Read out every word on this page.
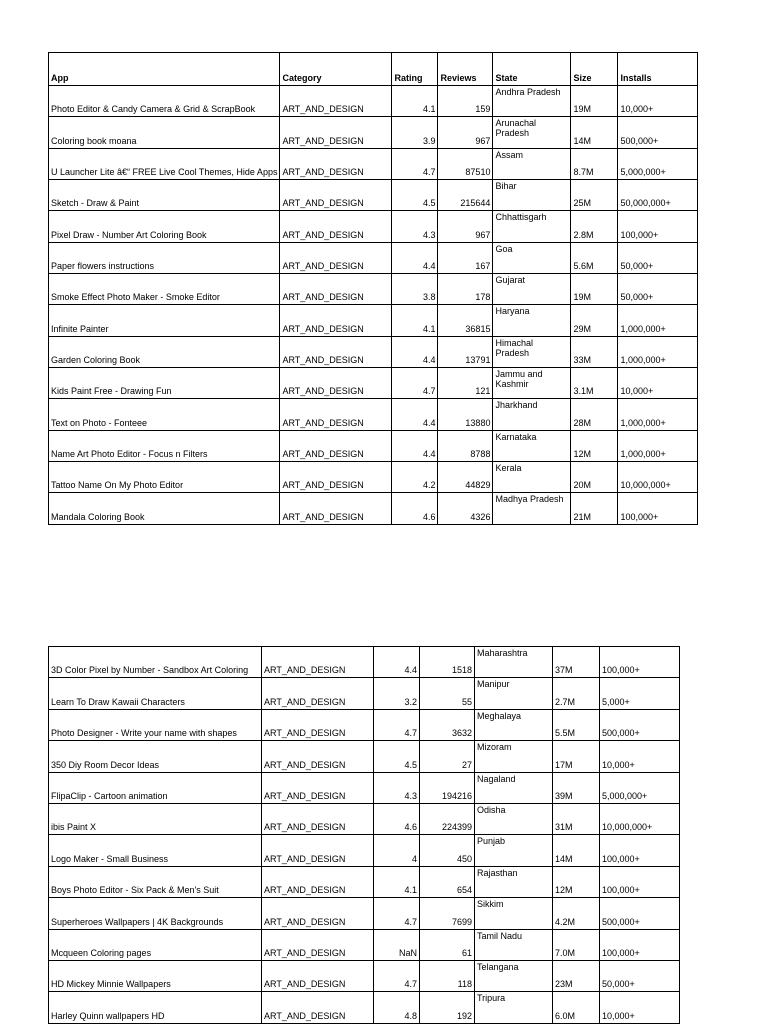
App	Category	Rating	Reviews	State	Size	Installs
Photo Editor & Candy Camera & Grid & ScrapBook	ART_AND_DESIGN	4.1	159	Andhra Pradesh	19M	10,000+
Coloring book moana	ART_AND_DESIGN	3.9	967	Arunachal Pradesh	14M	500,000+
U Launcher Lite â€“ FREE Live Cool Themes, Hide Apps	ART_AND_DESIGN	4.7	87510	Assam	8.7M	5,000,000+
Sketch - Draw & Paint	ART_AND_DESIGN	4.5	215644	Bihar	25M	50,000,000+
Pixel Draw - Number Art Coloring Book	ART_AND_DESIGN	4.3	967	Chhattisgarh	2.8M	100,000+
Paper flowers instructions	ART_AND_DESIGN	4.4	167	Goa	5.6M	50,000+
Smoke Effect Photo Maker - Smoke Editor	ART_AND_DESIGN	3.8	178	Gujarat	19M	50,000+
Infinite Painter	ART_AND_DESIGN	4.1	36815	Haryana	29M	1,000,000+
Garden Coloring Book	ART_AND_DESIGN	4.4	13791	Himachal Pradesh	33M	1,000,000+
Kids Paint Free - Drawing Fun	ART_AND_DESIGN	4.7	121	Jammu and Kashmir	3.1M	10,000+
Text on Photo - Fonteee	ART_AND_DESIGN	4.4	13880	Jharkhand	28M	1,000,000+
Name Art Photo Editor - Focus n Filters	ART_AND_DESIGN	4.4	8788	Karnataka	12M	1,000,000+
Tattoo Name On My Photo Editor	ART_AND_DESIGN	4.2	44829	Kerala	20M	10,000,000+
Mandala Coloring Book	ART_AND_DESIGN	4.6	4326	Madhya Pradesh	21M	100,000+
3D Color Pixel by Number - Sandbox Art Coloring	ART_AND_DESIGN	4.4	1518	Maharashtra	37M	100,000+
Learn To Draw Kawaii Characters	ART_AND_DESIGN	3.2	55	Manipur	2.7M	5,000+
Photo Designer - Write your name with shapes	ART_AND_DESIGN	4.7	3632	Meghalaya	5.5M	500,000+
350 Diy Room Decor Ideas	ART_AND_DESIGN	4.5	27	Mizoram	17M	10,000+
FlipaClip - Cartoon animation	ART_AND_DESIGN	4.3	194216	Nagaland	39M	5,000,000+
ibis Paint X	ART_AND_DESIGN	4.6	224399	Odisha	31M	10,000,000+
Logo Maker - Small Business	ART_AND_DESIGN	4	450	Punjab	14M	100,000+
Boys Photo Editor - Six Pack & Men's Suit	ART_AND_DESIGN	4.1	654	Rajasthan	12M	100,000+
Superheroes Wallpapers | 4K Backgrounds	ART_AND_DESIGN	4.7	7699	Sikkim	4.2M	500,000+
Mcqueen Coloring pages	ART_AND_DESIGN	NaN	61	Tamil Nadu	7.0M	100,000+
HD Mickey Minnie Wallpapers	ART_AND_DESIGN	4.7	118	Telangana	23M	50,000+
Harley Quinn wallpapers HD	ART_AND_DESIGN	4.8	192	Tripura	6.0M	10,000+
